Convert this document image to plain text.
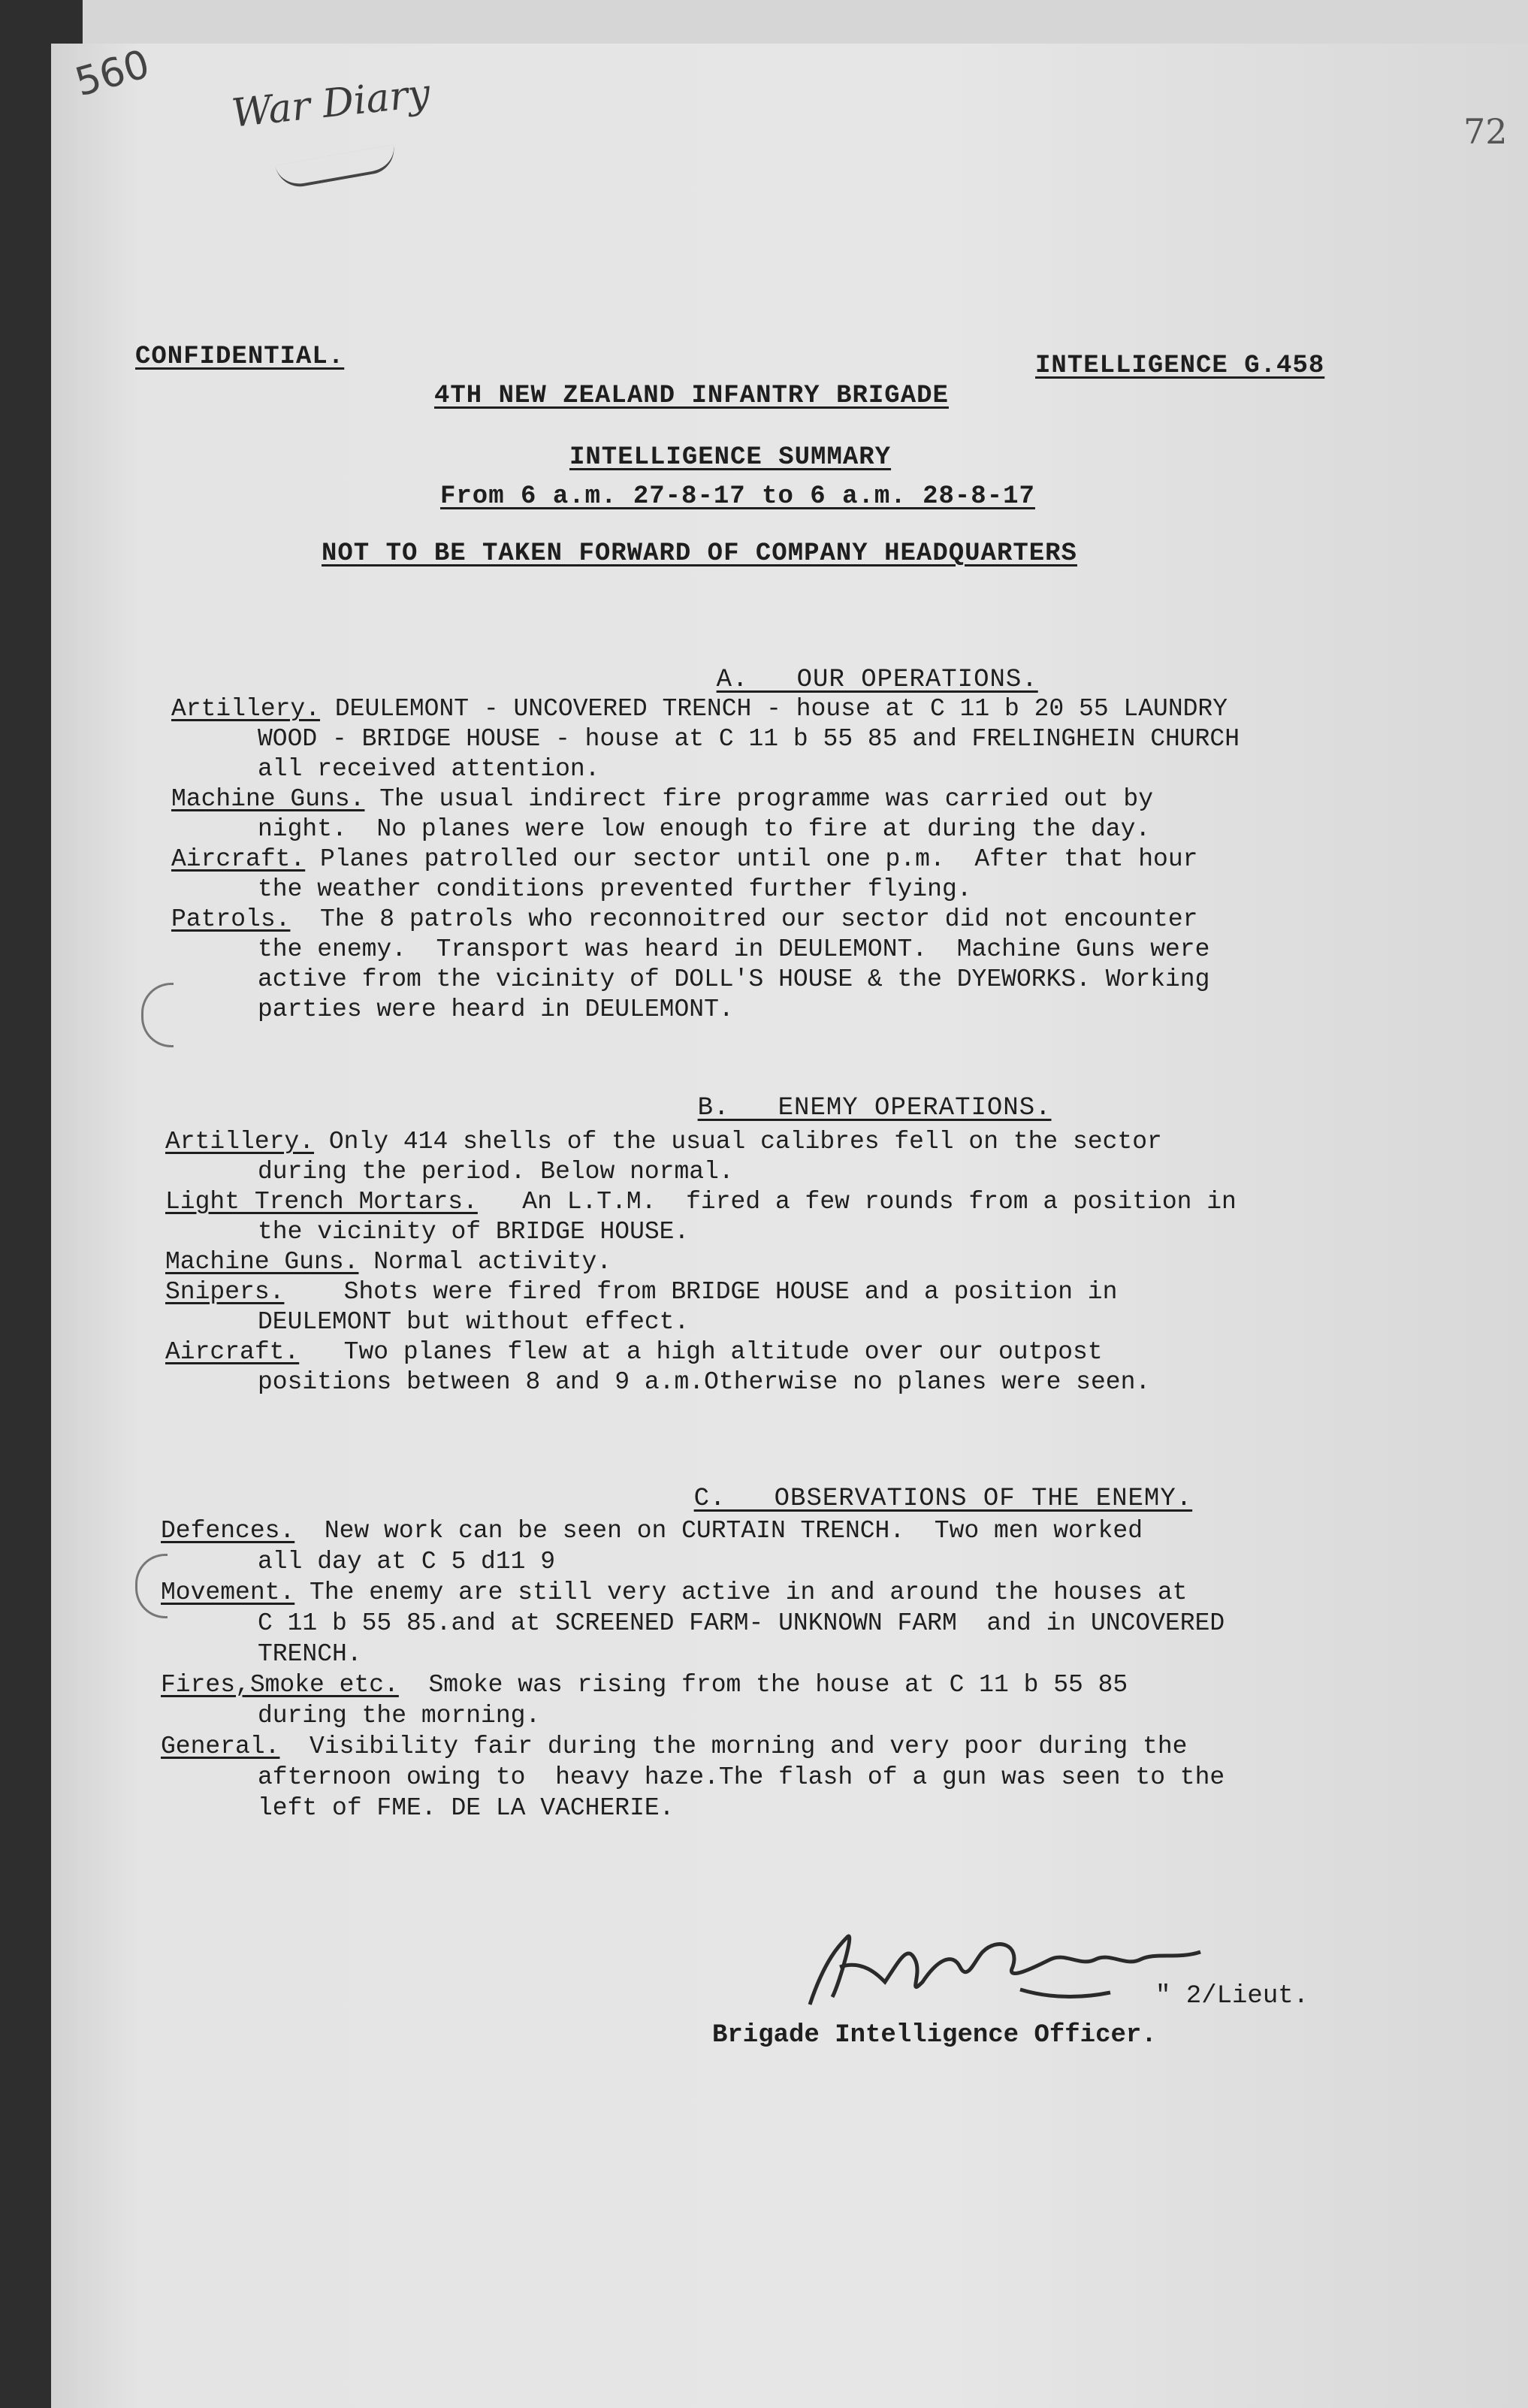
560 War Diary	72
CONFIDENTIAL.	INTELLIGENCE G.458
4TH NEW ZEALAND INFANTRY BRIGADE
INTELLIGENCE SUMMARY
From 6 a.m. 27-8-17 to 6 a.m. 28-8-17
NOT TO BE TAKEN FORWARD OF COMPANY HEADQUARTERS

A.   OUR OPERATIONS.

B.   ENEMY OPERATIONS.

C.   OBSERVATIONS OF THE ENEMY.

" 2/Lieut.
Brigade Intelligence Officer.
Artillery. DEULEMONT - UNCOVERED TRENCH - house at C 11 b 20 55 LAUNDRY
WOOD - BRIDGE HOUSE - house at C 11 b 55 85 and FRELINGHEIN CHURCH
all received attention.
Machine Guns. The usual indirect fire programme was carried out by
night.  No planes were low enough to fire at during the day.
Aircraft. Planes patrolled our sector until one p.m.  After that hour
the weather conditions prevented further flying.
Patrols.  The 8 patrols who reconnoitred our sector did not encounter
the enemy.  Transport was heard in DEULEMONT.  Machine Guns were
active from the vicinity of DOLL'S HOUSE & the DYEWORKS. Working
parties were heard in DEULEMONT.
Artillery. Only 414 shells of the usual calibres fell on the sector
during the period. Below normal.
Light Trench Mortars.   An L.T.M.  fired a few rounds from a position in
the vicinity of BRIDGE HOUSE.
Machine Guns. Normal activity.
Snipers.    Shots were fired from BRIDGE HOUSE and a position in
DEULEMONT but without effect.
Aircraft.   Two planes flew at a high altitude over our outpost
positions between 8 and 9 a.m.Otherwise no planes were seen.
Defences.  New work can be seen on CURTAIN TRENCH.  Two men worked
all day at C 5 d11 9
Movement. The enemy are still very active in and around the houses at
C 11 b 55 85.and at SCREENED FARM- UNKNOWN FARM  and in UNCOVERED
TRENCH.
Fires,Smoke etc.  Smoke was rising from the house at C 11 b 55 85
during the morning.
General.  Visibility fair during the morning and very poor during the
afternoon owing to  heavy haze.The flash of a gun was seen to the
left of FME. DE LA VACHERIE.
